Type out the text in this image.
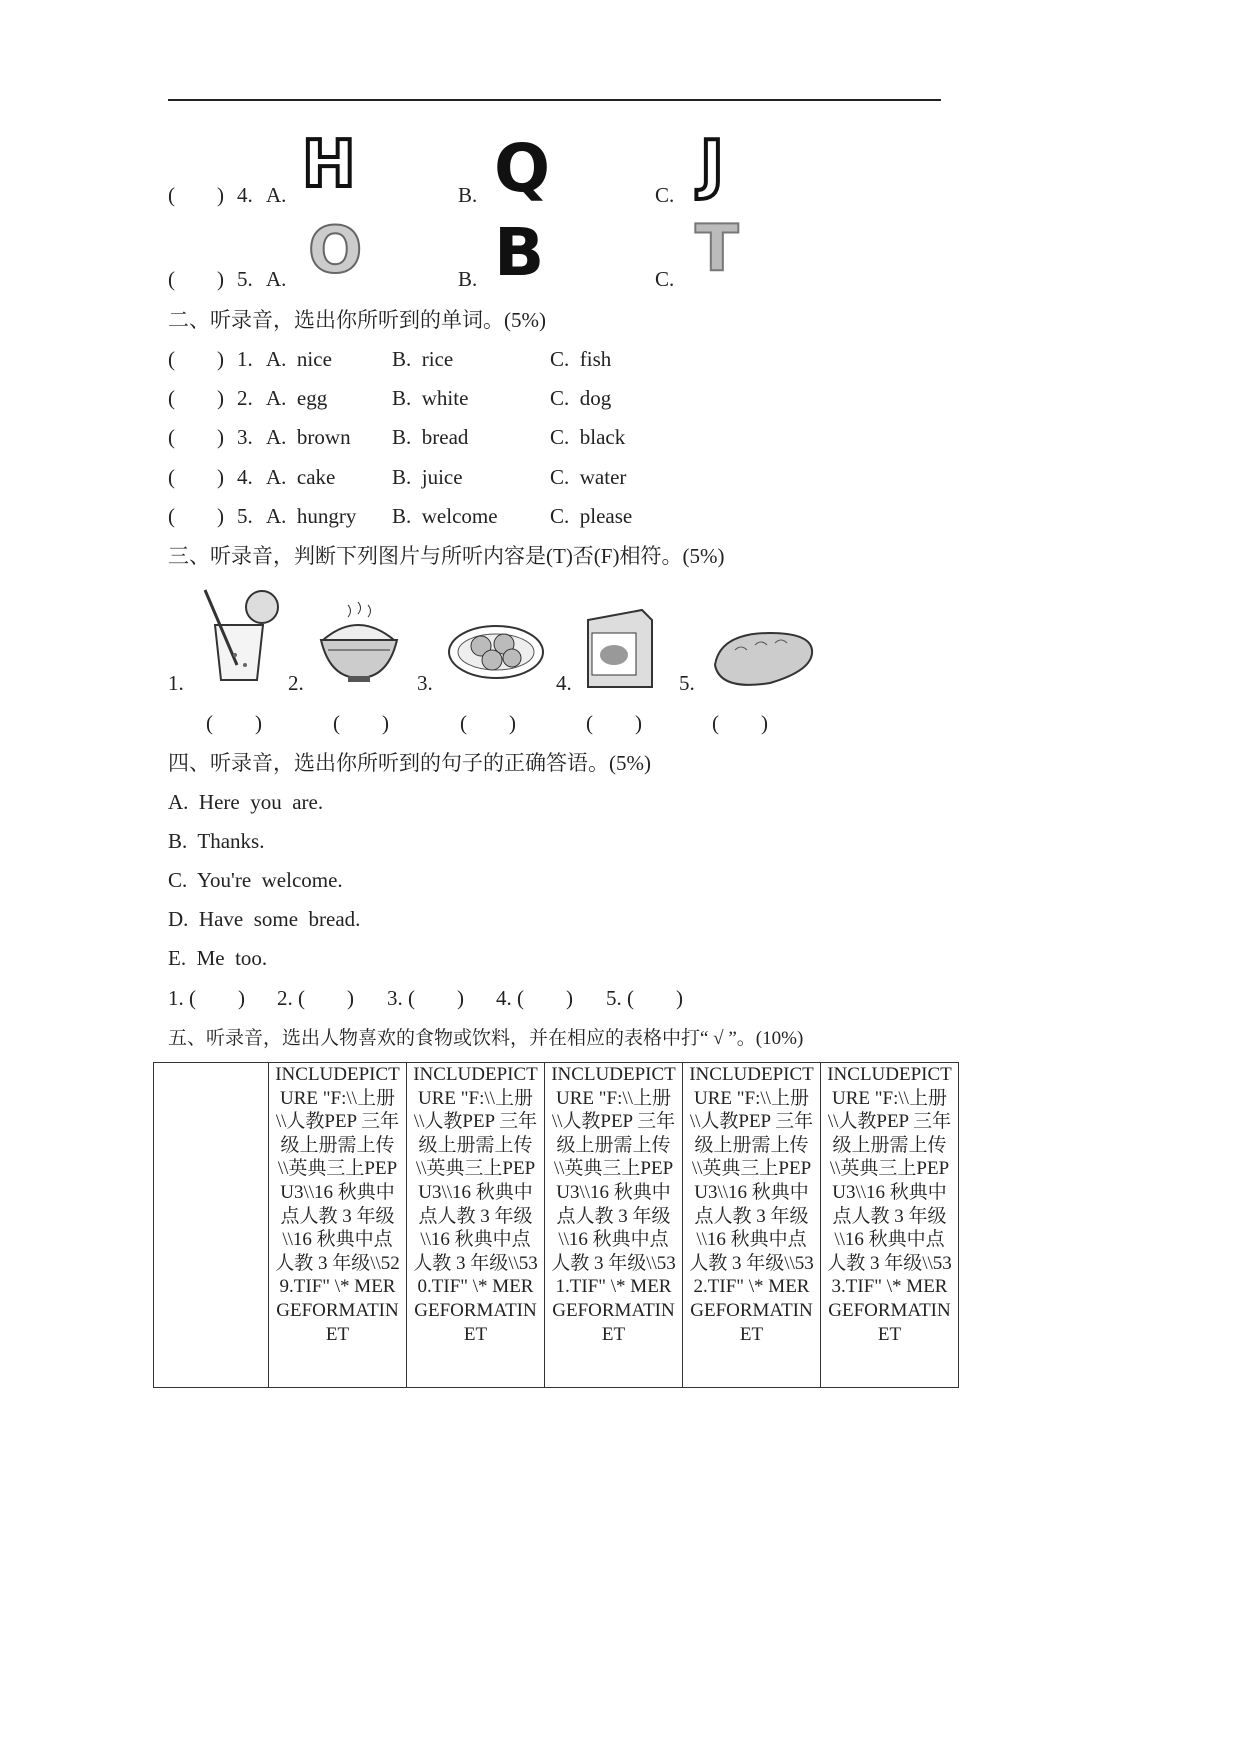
(        ) 4. A. H	B. Q	C. J
(        ) 5. A. O	B. B	C. T
二、听录音，选出你所听到的单词。(5%)
(        ) 1. A.  nice	B.  rice	C.  fish
(        ) 2. A.  egg	B.  white	C.  dog
(        ) 3. A.  brown B.  bread	C.  black
(        ) 4. A.  cake	B.  juice	C.  water
(        ) 5. A.  hungry B.  welcome C.  please
三、听录音，判断下列图片与所听内容是(T)否(F)相符。(5%)
1.	2.	3.	4.	5.
(        )	(        )	(        )	(        )	(        )
四、听录音，选出你所听到的句子的正确答语。(5%)
A.  Here  you  are.
B.  Thanks.
C.  You're  welcome.
D.  Have  some  bread.
E.  Me  too.
1. (        ) 2. (        ) 3. (        ) 4. (        ) 5. (        )
五、听录音，选出人物喜欢的食物或饮料，并在相应的表格中打“ √ ”。(10%)
	INCLUDEPICTURE "F:\\上册\\人教PEP 三年级上册需上传\\英典三上PEPU3\\16 秋典中点人教 3 年级\\16 秋典中点人教 3 年级\\529.TIF" \* MERGEFORMATINET	INCLUDEPICTURE "F:\\上册\\人教PEP 三年级上册需上传\\英典三上PEPU3\\16 秋典中点人教 3 年级\\16 秋典中点人教 3 年级\\530.TIF" \* MERGEFORMATINET	INCLUDEPICTURE "F:\\上册\\人教PEP 三年级上册需上传\\英典三上PEPU3\\16 秋典中点人教 3 年级\\16 秋典中点人教 3 年级\\531.TIF" \* MERGEFORMATINET	INCLUDEPICTURE "F:\\上册\\人教PEP 三年级上册需上传\\英典三上PEPU3\\16 秋典中点人教 3 年级\\16 秋典中点人教 3 年级\\532.TIF" \* MERGEFORMATINET	INCLUDEPICTURE "F:\\上册\\人教PEP 三年级上册需上传\\英典三上PEPU3\\16 秋典中点人教 3 年级\\16 秋典中点人教 3 年级\\533.TIF" \* MERGEFORMATINET
